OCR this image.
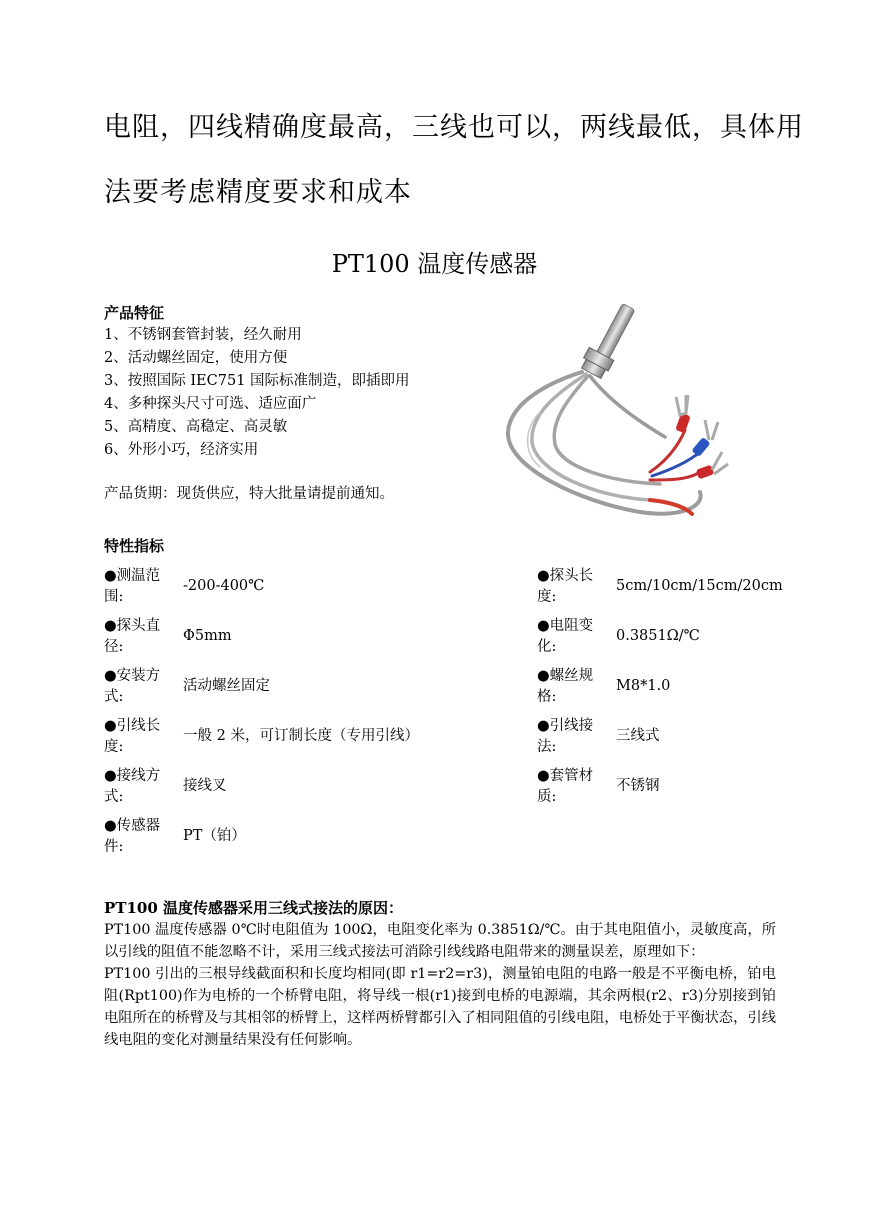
电阻，四线精确度最高，三线也可以，两线最低，具体用
法要考虑精度要求和成本
PT100 温度传感器
产品特征
1、不锈钢套管封装，经久耐用
2、活动螺丝固定，使用方便
3、按照国际 IEC751 国际标准制造，即插即用
4、多种探头尺寸可选、适应面广
5、高精度、高稳定、高灵敏
6、外形小巧，经济实用
产品货期：现货供应，特大批量请提前通知。
特性指标
●测温范
围:
-200-400℃
●探头直
径:
Φ5mm
●安装方
式:
活动螺丝固定
●引线长
度:
一般 2 米，可订制长度（专用引线）
●接线方
式:
接线叉
●传感器
件:
PT（铂）
●探头长
度:
5cm/10cm/15cm/20cm
●电阻变
化:
0.3851Ω/℃
●螺丝规
格:
M8*1.0
●引线接
法:
三线式
●套管材
质:
不锈钢
PT100 温度传感器采用三线式接法的原因：

PT100 温度传感器 0℃时电阻值为 100Ω，电阻变化率为 0.3851Ω/℃。由于其电阻值小，灵敏度高，所以引线的阻值不能忽略不计，采用三线式接法可消除引线线路电阻带来的测量误差，原理如下：

PT100 引出的三根导线截面积和长度均相同(即 r1=r2=r3)，测量铂电阻的电路一般是不平衡电桥，铂电阻(Rpt100)作为电桥的一个桥臂电阻，将导线一根(r1)接到电桥的电源端，其余两根(r2、r3)分别接到铂电阻所在的桥臂及与其相邻的桥臂上，这样两桥臂都引入了相同阻值的引线电阻，电桥处于平衡状态，引线线电阻的变化对测量结果没有任何影响。
